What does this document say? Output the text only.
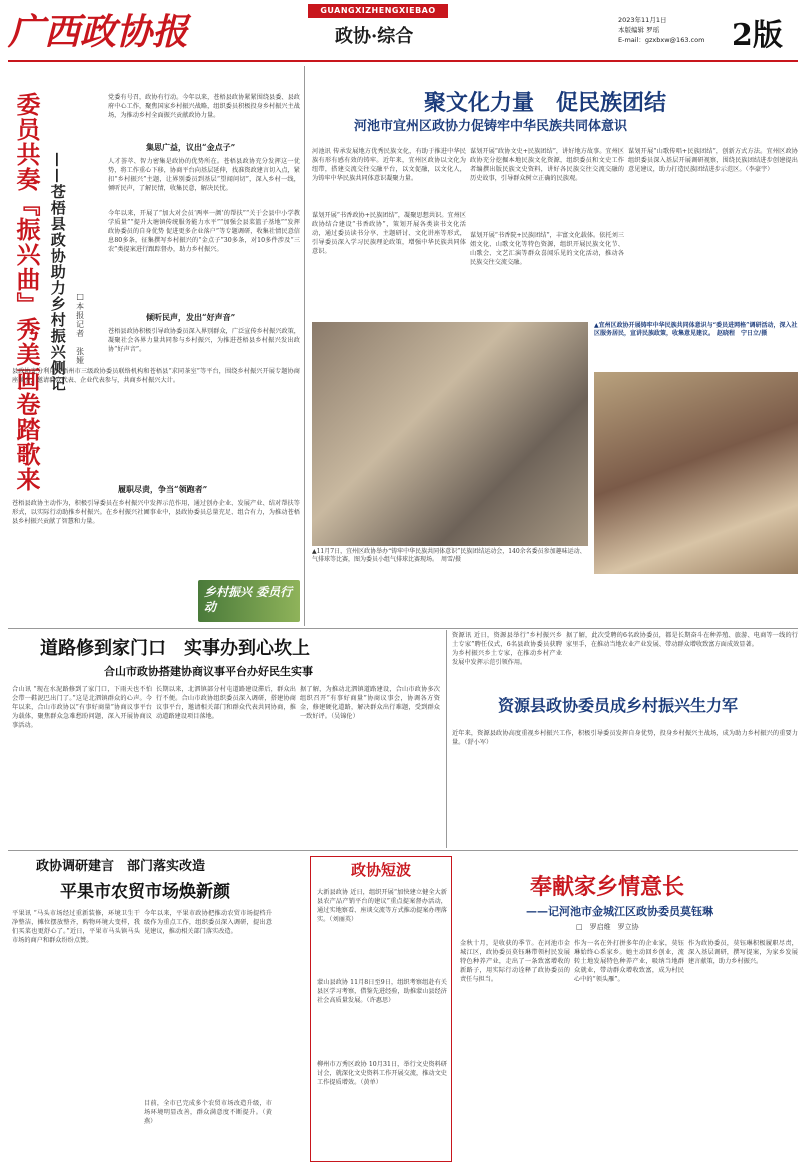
广西政协报
GUANGXIZHENGXIEBAO
政协·综合
2023年11月1日
本版编辑 罗瑶
E-mail：gzxbxw@163.com 2版
委员共奏『振兴曲』秀美画卷踏歌来 ——苍梧县政协助力乡村振兴侧记 □本报记者　张娅
党委有号召，政协有行动。今年以来，苍梧县政协紧紧围绕县委、县政府中心工作，聚焦国家乡村振兴战略，组织委员积极投身乡村振兴主战场，为推动乡村全面振兴贡献政协力量。
集思广益，议出“金点子”
人才荟萃、智力密集是政协的优势所在。苍梧县政协充分发挥这一优势，将工作重心下移，协商平台向基层延伸，找准资政建言切入点，紧扣“乡村振兴”主题，让界别委员到基层“望闻问切”，深入乡村一线，倾听民声，了解民情，收集民意，解决民忧。
今年以来，开展了“加大对会员‘两率一颜’的帮扶”“关于会县中小学教学质量”“提升大塘镇传统服务能力水平”“加强会县菜篮子基地”“发挥政协委员的自身优势 促进更多企业落户”等专题调研，收集社情民意信息80多条，征集撰写乡村振兴的“金点子”30多条，对10多件涉及“三农”类提案进行跟踪督办，助力乡村振兴。
倾听民声，发出“好声音”
苍梧县政协积极引导政协委员深入界别群众，广泛宣传乡村振兴政策，凝聚社会各界力量共同参与乡村振兴，为推进苍梧县乡村振兴发出政协“好声音”。
县政协充分利用好梧州市三级政协委员联络机构和苍梧县“求同茶室”等平台，围绕乡村振兴开展专题协商座谈会，邀请群众代表、企业代表参与，共商乡村振兴大计。
履职尽责，争当“领跑者”
苍梧县政协主动作为，积极引导委员在乡村振兴中发挥示范作用，通过创办企业、发展产业、结对帮扶等形式，以实际行动助推乡村振兴。在乡村振兴社圃事业中，县政协委员总量充足、组合有力，为推动苍梧县乡村振兴贡献了智慧和力量。
乡村振兴 委员行动
聚文化力量　促民族团结
河池市宜州区政协力促铸牢中华民族共同体意识
河池讯 传承发展地方优秀民族文化，有助于推进中华民族有形有感有效的铸牢。近年来，宜州区政协以文化为纽带，搭建交流交往交融平台，以文促融，以文化人，为铸牢中华民族共同体意识凝聚力量。
谋划开展“书香政协+民族团结”，凝聚思想共识。宜州区政协结合建设“书香政协”，策划开展各类读书文化活动，通过委员读书分享、主题研讨、文化讲座等形式，引导委员深入学习民族理论政策，增强中华民族共同体意识。
谋划开展“政协文史+民族团结”，讲好地方故事。宜州区政协充分挖掘本地民族文化资源，组织委员和文史工作者编撰出版民族文史资料，讲好各民族交往交流交融的历史故事，引导群众树立正确的民族观。
谋划开展“书香院+民族团结”，丰富文化载体。依托刘三姐文化、山歌文化等特色资源，组织开展民族文化节、山歌会、文艺汇演等群众喜闻乐见的文化活动，推动各民族交往交流交融。
谋划开展“山歌传唱+民族团结”，创新方式方法。宜州区政协组织委员深入基层开展调研视察，围绕民族团结进步创建提出意见建议，助力打造民族团结进步示范区。（李豪宇）
▲11月7日，宜州区政协举办“铸牢中华民族共同体意识”民族团结运动会，140余名委员参加趣味运动、气排球等比赛，图为委员小组气排球比赛现场。　周雪/摄
▲宜州区政协开展铸牢中华民族共同体意识与“委员进网格”调研活动，深入社区服务居民，宣讲民族政策，收集意见建议。　赵晓程　宁日立/摄
道路修到家门口　实事办到心坎上
合山市政协搭建协商议事平台办好民生实事
合山讯 “现在水泥路修到了家门口，下雨天也不怕会带一鞋泥巴出门了。”这是北泗镇群众的心声。今年以来，合山市政协以“有事好商量”协商议事平台为载体，聚焦群众急难愁盼问题，深入开展协商议事活动。
长期以来，北泗镇部分村屯道路建设滞后，群众出行不便。合山市政协组织委员深入调研，搭建协商议事平台，邀请相关部门和群众代表共同协商，推动道路建设项目落地。
据了解，为推动北泗镇道路建设，合山市政协多次组织召开“有事好商量”协商议事会，协调各方资金，修建硬化道路，解决群众出行难题，受到群众一致好评。（吴锦伦）
资源讯 近日，资源县举行“乡村振兴乡土专家”聘任仪式，6名县政协委员获聘为乡村振兴乡土专家，在推动乡村产业发展中发挥示范引领作用。
据了解，此次受聘的6名政协委员，都是长期奋斗在种养殖、旅游、电商等一线的行家里手，在推动当地农业产业发展、带动群众增收致富方面成效显著。
资源县政协委员成乡村振兴生力军
近年来，资源县政协高度重视乡村振兴工作，积极引导委员发挥自身优势，投身乡村振兴主战场，成为助力乡村振兴的重要力量。（舒小军）
政协调研建言　部门落实改造
平果市农贸市场焕新颜
平果讯 “马头市场经过重新装修，环境卫生干净整洁，摊位摆放整齐，购物环境大变样，我们买菜也更舒心了。”近日，平果市马头镇马头市场的商户和群众纷纷点赞。
今年以来，平果市政协把推动农贸市场提档升级作为重点工作，组织委员深入调研，提出意见建议，推动相关部门落实改造。
目前，全市已完成多个农贸市场改造升级，市场环境明显改善，群众满意度不断提升。（黄燕）
政协短波
大新县政协 近日，组织开展“加快建立健全大新县农产品产销平台的建议”重点提案督办活动，通过实地察看、座谈交流等方式推动提案办理落实。（刘丽英）
蒙山县政协 11月8日至9日，组织考察组赴有关县区学习考察，借鉴先进经验，助推蒙山县经济社会高质量发展。（许惠思）
柳州市万秀区政协 10月31日，举行文史资料研讨会，就深化文史资料工作开展交流，推动文史工作提质增效。（黄单）
奉献家乡情意长
——记河池市金城江区政协委员莫钰琳
□　罗启维　罗立协
金秋十月，是收获的季节。在河池市金城江区，政协委员莫钰琳带领村民发展特色种养产业，走出了一条致富增收的新路子，用实际行动诠释了政协委员的责任与担当。
作为一名在外打拼多年的企业家，莫钰琳始终心系家乡。她主动回乡创业，流转土地发展特色种养产业，吸纳当地群众就业，带动群众增收致富，成为村民心中的“领头雁”。
作为政协委员，莫钰琳积极履职尽责，深入基层调研，撰写提案，为家乡发展建言献策，助力乡村振兴。
